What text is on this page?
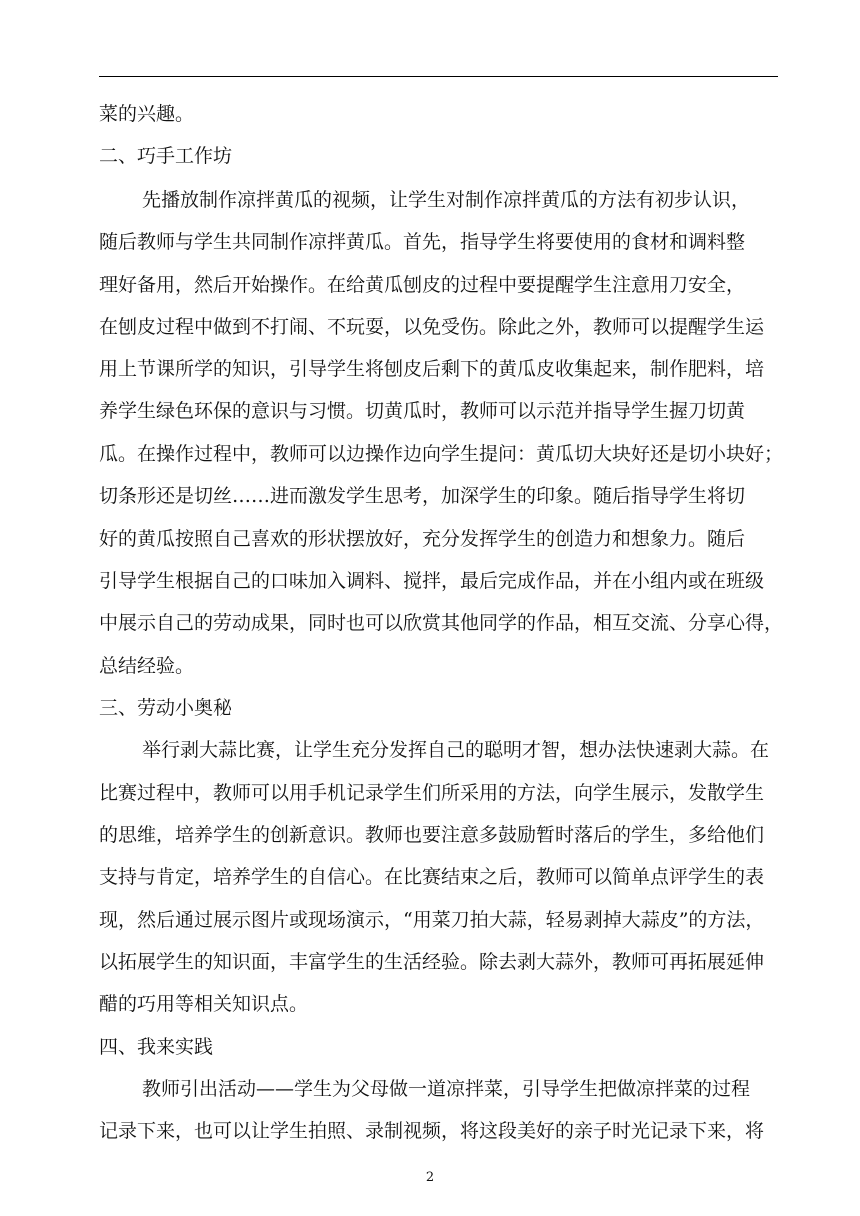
菜的兴趣。
二、巧手工作坊
先播放制作凉拌黄瓜的视频，让学生对制作凉拌黄瓜的方法有初步认识，
随后教师与学生共同制作凉拌黄瓜。首先，指导学生将要使用的食材和调料整
理好备用，然后开始操作。在给黄瓜刨皮的过程中要提醒学生注意用刀安全，
在刨皮过程中做到不打闹、不玩耍，以免受伤。除此之外，教师可以提醒学生运
用上节课所学的知识，引导学生将刨皮后剩下的黄瓜皮收集起来，制作肥料，培
养学生绿色环保的意识与习惯。切黄瓜时，教师可以示范并指导学生握刀切黄
瓜。在操作过程中，教师可以边操作边向学生提问：黄瓜切大块好还是切小块好；
切条形还是切丝……进而激发学生思考，加深学生的印象。随后指导学生将切
好的黄瓜按照自己喜欢的形状摆放好，充分发挥学生的创造力和想象力。随后
引导学生根据自己的口味加入调料、搅拌，最后完成作品，并在小组内或在班级
中展示自己的劳动成果，同时也可以欣赏其他同学的作品，相互交流、分享心得，
总结经验。
三、劳动小奥秘
举行剥大蒜比赛，让学生充分发挥自己的聪明才智，想办法快速剥大蒜。在
比赛过程中，教师可以用手机记录学生们所采用的方法，向学生展示，发散学生
的思维，培养学生的创新意识。教师也要注意多鼓励暂时落后的学生，多给他们
支持与肯定，培养学生的自信心。在比赛结束之后，教师可以简单点评学生的表
现，然后通过展示图片或现场演示，“用菜刀拍大蒜，轻易剥掉大蒜皮”的方法，
以拓展学生的知识面，丰富学生的生活经验。除去剥大蒜外，教师可再拓展延伸
醋的巧用等相关知识点。
四、我来实践
教师引出活动——学生为父母做一道凉拌菜，引导学生把做凉拌菜的过程
记录下来，也可以让学生拍照、录制视频，将这段美好的亲子时光记录下来，将
2
